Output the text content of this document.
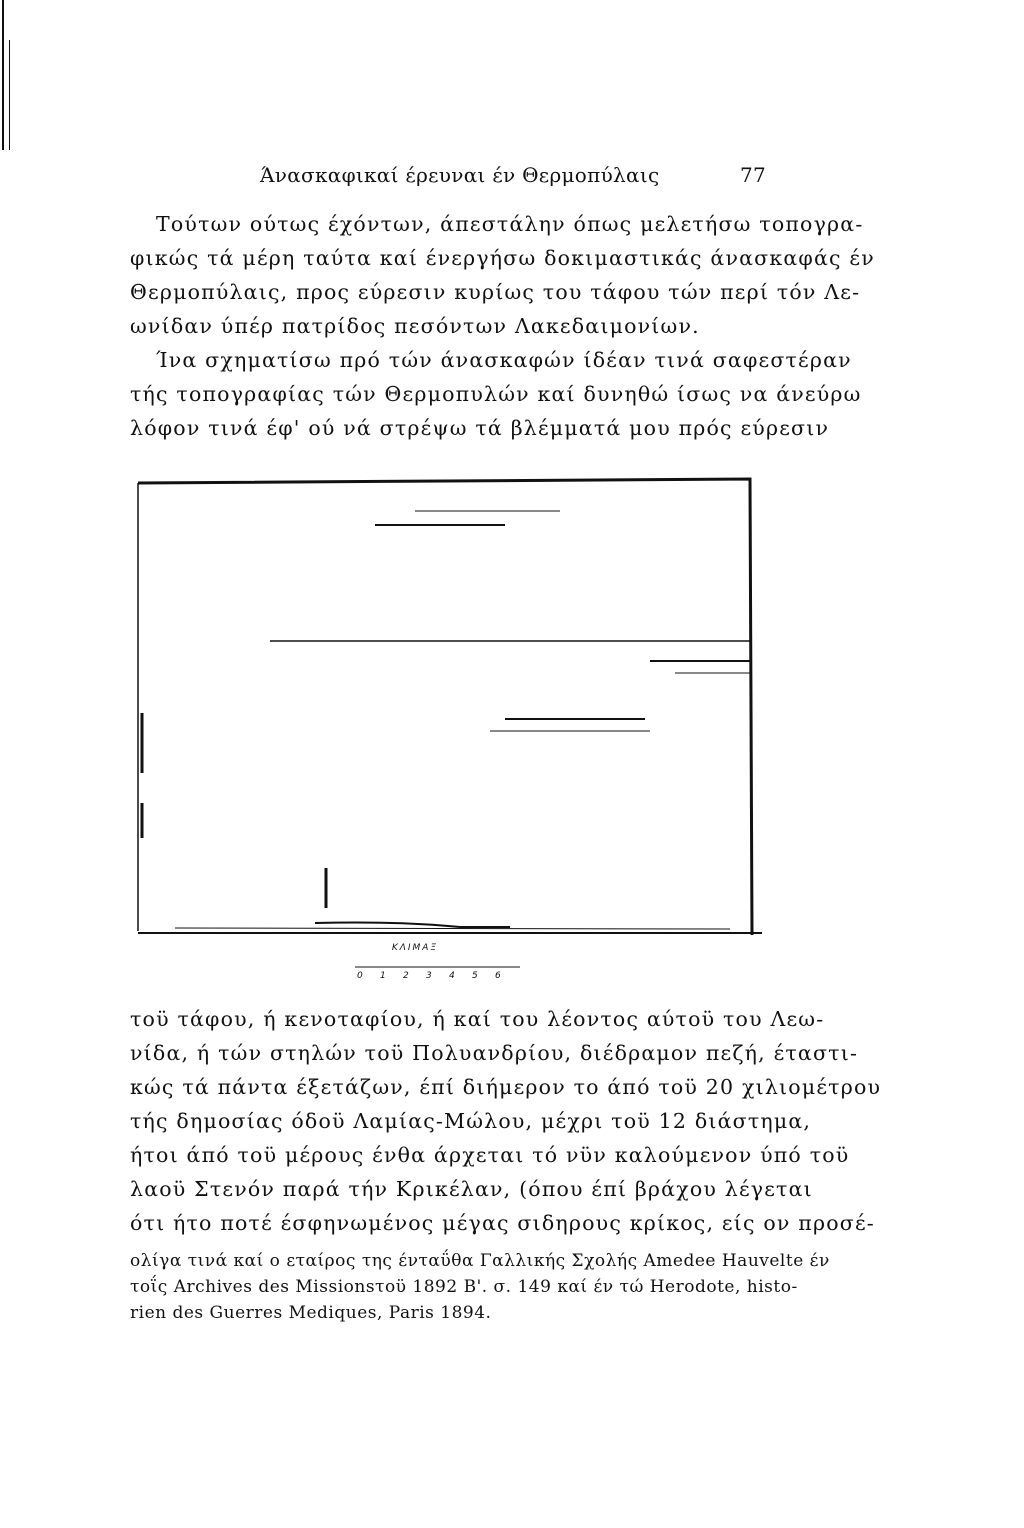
Άνασκαφικαί έρευναι έν Θερμοπύλαις	77
Τούτων ούτως έχόντων, άπεστάλην όπως μελετήσω τοπογρα-
φικώς τά μέρη ταύτα καί ένεργήσω δοκιμαστικάς άνασκαφάς έν
Θερμοπύλαις, προς εύρεσιν κυρίως του τάφου τών περί τόν Λε-
ωνίδαν ύπέρ πατρίδος πεσόντων Λακεδαιμονίων.
Ίνα σχηματίσω πρό τών άνασκαφών ίδέαν τινά σαφεστέραν
τής τοπογραφίας τών Θερμοπυλών καί δυνηθώ ίσως να άνεύρω
λόφον τινά έφ' ού νά στρέψω τά βλέμματά μου πρός εύρεσιν
0 1 2 3 4 5 6
ΚΛΙΜΑΞ
τοϋ τάφου, ή κενοταφίου, ή καί του λέοντος αύτοϋ του Λεω-
νίδα, ή τών στηλών τοϋ Πολυανδρίου, διέδραμον πεζή, έταστι-
κώς τά πάντα έξετάζων, έπί διήμερον το άπό τοϋ 20 χιλιομέτρου
τής δημοσίας όδοϋ Λαμίας-Μώλου, μέχρι τοϋ 12 διάστημα,
ήτοι άπό τοϋ μέρους ένθα άρχεται τό νϋν καλούμενον ύπό τοϋ
λαοϋ Στενόν παρά τήν Κρικέλαν, (όπου έπί βράχου λέγεται
ότι ήτο ποτέ έσφηνωμένος μέγας σιδηρους κρίκος, είς ον προσέ-
ολίγα τινά καί ο εταίρος της ένταΰθα Γαλλικής Σχολής Amedee Hauvelte έν
τοΐς Archives des Missionsτοϋ 1892 Β'. σ. 149 καί έν τώ Herodote, histo-
rien des Guerres Mediques, Paris 1894.
